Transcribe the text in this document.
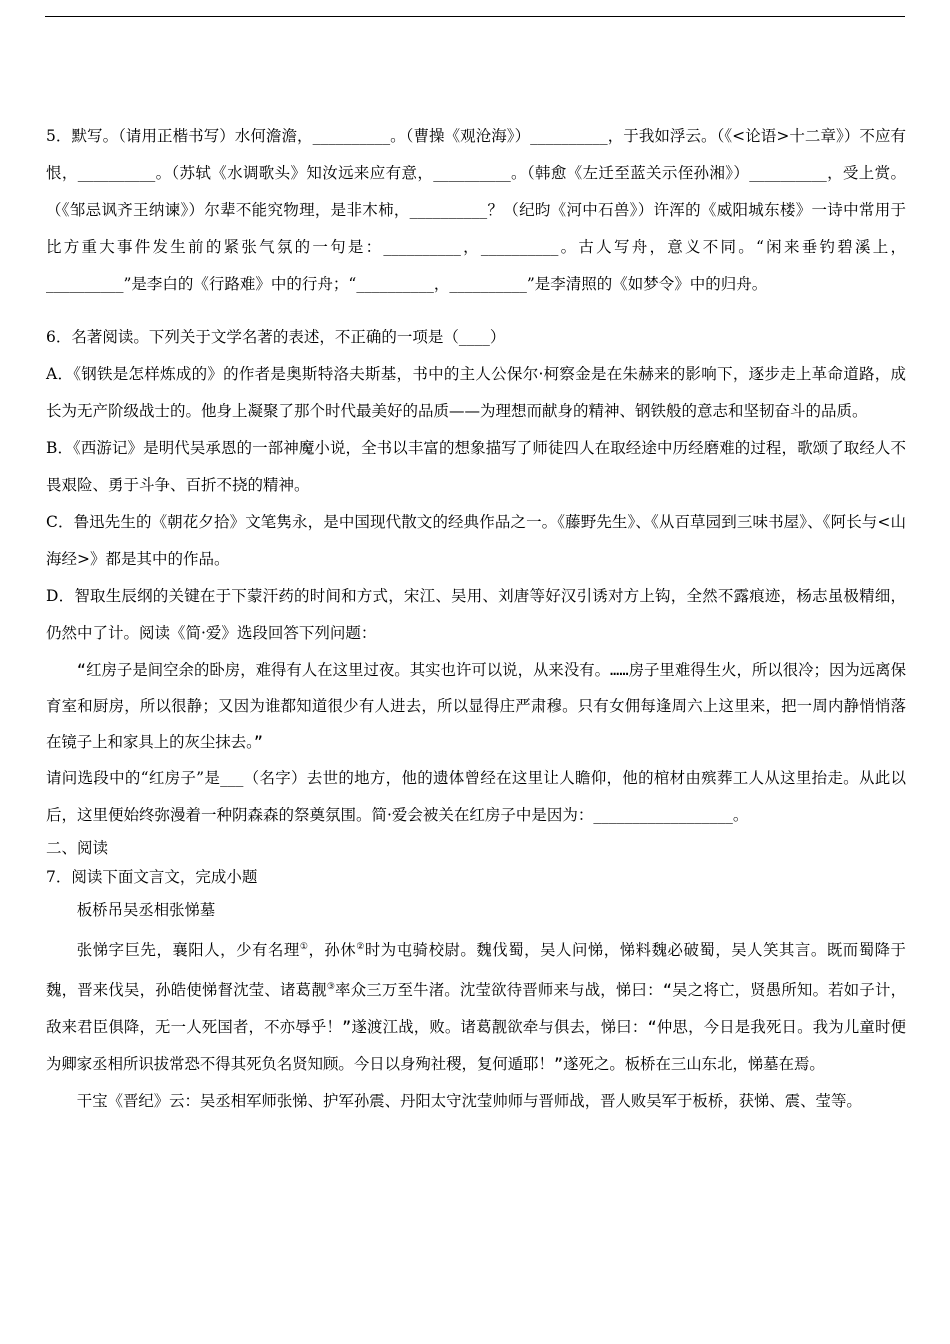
5．默写。（请用正楷书写）水何澹澹，__________。（曹操《观沧海》）__________，于我如浮云。（《<论语>十二章》）不应有恨，__________。（苏轼《水调歌头》知汝远来应有意，__________。（韩愈《左迁至蓝关示侄孙湘》）__________，受上赏。（《邹忌讽齐王纳谏》）尔辈不能究物理，是非木柿，__________？（纪昀《河中石兽》）许浑的《威阳城东楼》一诗中常用于比方重大事件发生前的紧张气氛的一句是：__________，__________。古人写舟，意义不同。“闲来垂钓碧溪上，__________”是李白的《行路难》中的行舟；“__________，__________”是李清照的《如梦令》中的归舟。

6．名著阅读。下列关于文学名著的表述，不正确的一项是（____）

A．《钢铁是怎样炼成的》的作者是奥斯特洛夫斯基，书中的主人公保尔·柯察金是在朱赫来的影响下，逐步走上革命道路，成长为无产阶级战士的。他身上凝聚了那个时代最美好的品质——为理想而献身的精神、钢铁般的意志和坚韧奋斗的品质。

B．《西游记》是明代吴承恩的一部神魔小说，全书以丰富的想象描写了师徒四人在取经途中历经磨难的过程，歌颂了取经人不畏艰险、勇于斗争、百折不挠的精神。

C．鲁迅先生的《朝花夕拾》文笔隽永，是中国现代散文的经典作品之一。《藤野先生》、《从百草园到三味书屋》、《阿长与<山海经>》都是其中的作品。

D．智取生辰纲的关键在于下蒙汗药的时间和方式，宋江、吴用、刘唐等好汉引诱对方上钩，全然不露痕迹，杨志虽极精细，仍然中了计。阅读《简·爱》选段回答下列问题：

“红房子是间空余的卧房，难得有人在这里过夜。其实也许可以说，从来没有。……房子里难得生火，所以很冷；因为远离保育室和厨房，所以很静；又因为谁都知道很少有人进去，所以显得庄严肃穆。只有女佣每逢周六上这里来，把一周内静悄悄落在镜子上和家具上的灰尘抹去。”

请问选段中的“红房子”是___（名字）去世的地方，他的遗体曾经在这里让人瞻仰，他的棺材由殡葬工人从这里抬走。从此以后，这里便始终弥漫着一种阴森森的祭奠氛围。简·爱会被关在红房子中是因为：__________________。

二、阅读

7．阅读下面文言文，完成小题

板桥吊吴丞相张悌墓

张悌字巨先，襄阳人，少有名理①，孙休②时为屯骑校尉。魏伐蜀，吴人问悌，悌料魏必破蜀，吴人笑其言。既而蜀降于魏，晋来伐吴，孙皓使悌督沈莹、诸葛靓③率众三万至牛渚。沈莹欲待晋师来与战，悌曰：“吴之将亡，贤愚所知。若如子计，敌来君臣俱降，无一人死国者，不亦辱乎！”遂渡江战，败。诸葛靓欲牵与俱去，悌曰：“仲思，今日是我死日。我为儿童时便为卿家丞相所识拔常恐不得其死负名贤知顾。今日以身殉社稷，复何遁耶！”遂死之。板桥在三山东北，悌墓在焉。

干宝《晋纪》云：吴丞相军师张悌、护军孙震、丹阳太守沈莹帅师与晋师战，晋人败吴军于板桥，获悌、震、莹等。
